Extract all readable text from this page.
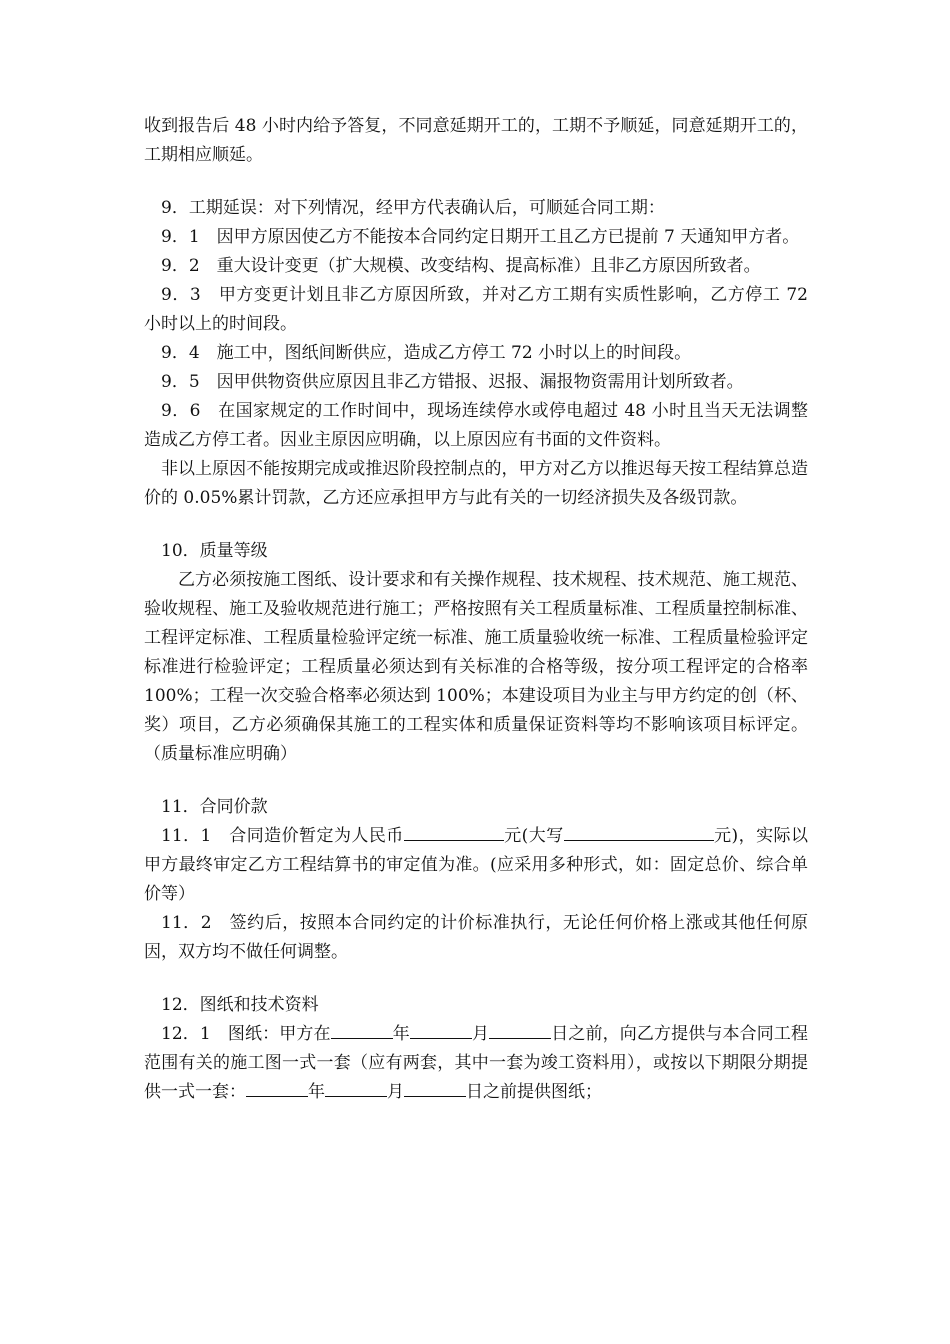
收到报告后 48 小时内给予答复，不同意延期开工的，工期不予顺延，同意延期开工的，工期相应顺延。

9．工期延误：对下列情况，经甲方代表确认后，可顺延合同工期：

9．1　因甲方原因使乙方不能按本合同约定日期开工且乙方已提前 7 天通知甲方者。

9．2　重大设计变更（扩大规模、改变结构、提高标准）且非乙方原因所致者。

9．3　甲方变更计划且非乙方原因所致，并对乙方工期有实质性影响，乙方停工 72 小时以上的时间段。

9．4　施工中，图纸间断供应，造成乙方停工 72 小时以上的时间段。

9．5　因甲供物资供应原因且非乙方错报、迟报、漏报物资需用计划所致者。

9．6　在国家规定的工作时间中，现场连续停水或停电超过 48 小时且当天无法调整造成乙方停工者。因业主原因应明确，以上原因应有书面的文件资料。

非以上原因不能按期完成或推迟阶段控制点的，甲方对乙方以推迟每天按工程结算总造价的 0.05%累计罚款，乙方还应承担甲方与此有关的一切经济损失及各级罚款。

10．质量等级

乙方必须按施工图纸、设计要求和有关操作规程、技术规程、技术规范、施工规范、验收规程、施工及验收规范进行施工；严格按照有关工程质量标准、工程质量控制标准、工程评定标准、工程质量检验评定统一标准、施工质量验收统一标准、工程质量检验评定标准进行检验评定；工程质量必须达到有关标准的合格等级，按分项工程评定的合格率 100%；工程一次交验合格率必须达到 100%；本建设项目为业主与甲方约定的创（杯、奖）项目，乙方必须确保其施工的工程实体和质量保证资料等均不影响该项目标评定。（质量标准应明确）

11．合同价款

11．1　合同造价暂定为人民币	元(大写	元)，实际以甲方最终审定乙方工程结算书的审定值为准。(应采用多种形式，如：固定总价、综合单价等）

11．2　签约后，按照本合同约定的计价标准执行，无论任何价格上涨或其他任何原因，双方均不做任何调整。

12．图纸和技术资料

12．1　图纸：甲方在	年	月	日之前，向乙方提供与本合同工程范围有关的施工图一式一套（应有两套，其中一套为竣工资料用），或按以下期限分期提供一式一套：	年	月	日之前提供图纸；
